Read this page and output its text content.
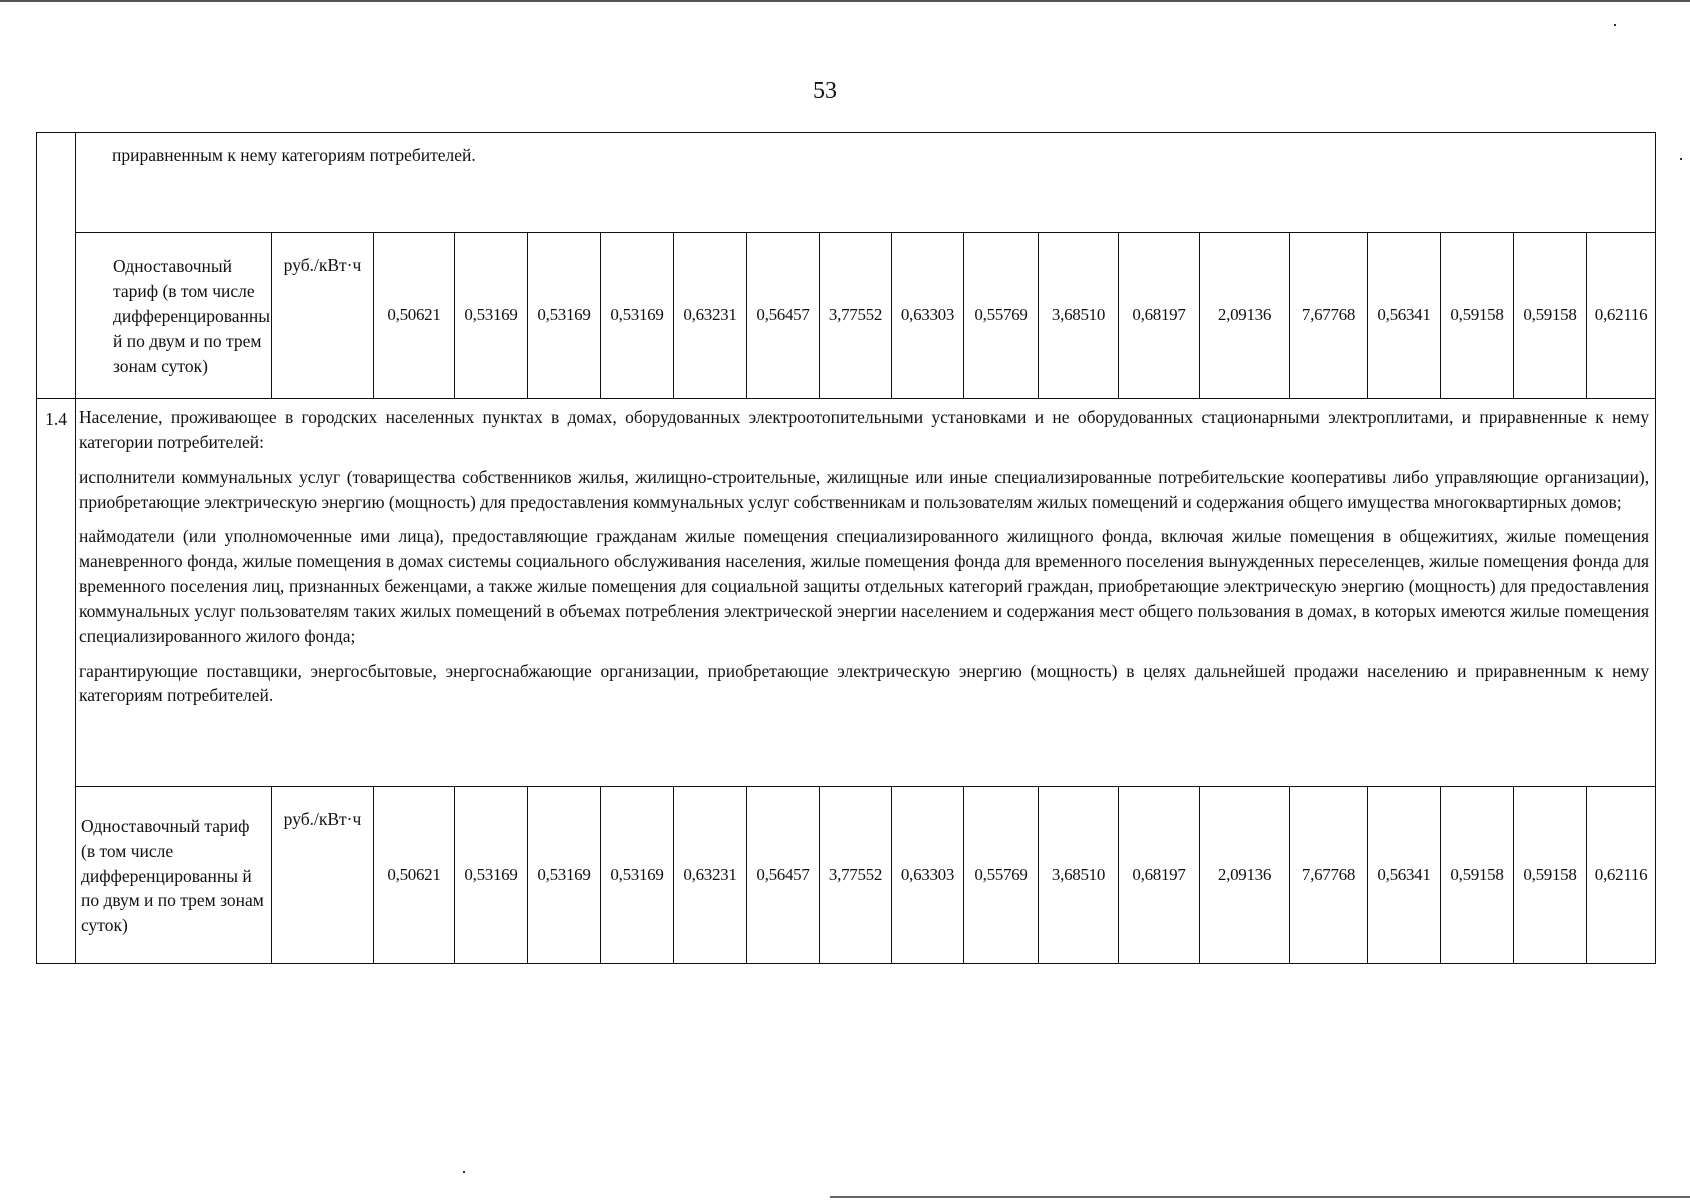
53

	приравненным к нему категориям потребителей.																		

	Одноставочный тариф (в том числе дифференцированны й по двум и по трем зонам суток)	руб./кВт·ч	0,50621	0,53169	0,53169	0,53169	0,63231	0,56457	3,77552	0,63303	0,55769	3,68510	0,68197	2,09136	7,67768	0,56341	0,59158	0,59158	0,62116
1.4	Население, проживающее в городских населенных пунктах в домах, оборудованных электроотопительными установками и не оборудованных стационарными электроплитами, и приравненные к нему категории потребителей:

исполнители коммунальных услуг (товарищества собственников жилья, жилищно-строительные, жилищные или иные специализированные потребительские кооперативы либо управляющие организации), приобретающие электрическую энергию (мощность) для предоставления коммунальных услуг собственникам и пользователям жилых помещений и содержания общего имущества многоквартирных домов;

наймодатели (или уполномоченные ими лица), предоставляющие гражданам жилые помещения специализированного жилищного фонда, включая жилые помещения в общежитиях, жилые помещения маневренного фонда, жилые помещения в домах системы социального обслуживания населения, жилые помещения фонда для временного поселения вынужденных переселенцев, жилые помещения фонда для временного поселения лиц, признанных беженцами, а также жилые помещения для социальной защиты отдельных категорий граждан, приобретающие электрическую энергию (мощность) для предоставления коммунальных услуг пользователям таких жилых помещений в объемах потребления электрической энергии населением и содержания мест общего пользования в домах, в которых имеются жилые помещения специализированного жилого фонда;

гарантирующие поставщики, энергосбытовые, энергоснабжающие организации, приобретающие электрическую энергию (мощность) в целях дальнейшей продажи населению и приравненным к нему категориям потребителей.																		

	Одноставочный тариф (в том числе дифференцированны й по двум и по трем зонам суток)	руб./кВт·ч	0,50621	0,53169	0,53169	0,53169	0,63231	0,56457	3,77552	0,63303	0,55769	3,68510	0,68197	2,09136	7,67768	0,56341	0,59158	0,59158	0,62116
